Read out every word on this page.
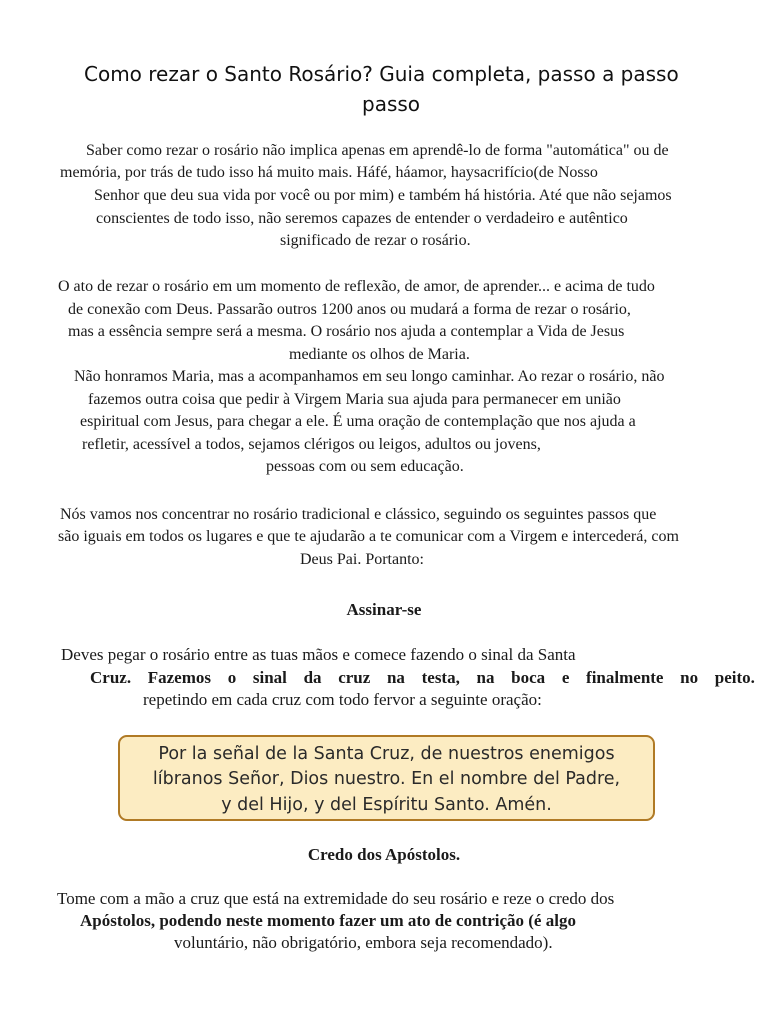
Como rezar o Santo Rosário? Guia completa, passo a passo
passo
Saber como rezar o rosário não implica apenas em aprendê-lo de forma "automática" ou de
memória, por trás de tudo isso há muito mais. Háfé, háamor, haysacrifício(de Nosso
Senhor que deu sua vida por você ou por mim) e também há história. Até que não sejamos
conscientes de todo isso, não seremos capazes de entender o verdadeiro e autêntico
significado de rezar o rosário.
O ato de rezar o rosário em um momento de reflexão, de amor, de aprender... e acima de tudo
de conexão com Deus. Passarão outros 1200 anos ou mudará a forma de rezar o rosário,
mas a essência sempre será a mesma. O rosário nos ajuda a contemplar a Vida de Jesus
mediante os olhos de Maria.
Não honramos Maria, mas a acompanhamos em seu longo caminhar. Ao rezar o rosário, não
fazemos outra coisa que pedir à Virgem Maria sua ajuda para permanecer em união
espiritual com Jesus, para chegar a ele. É uma oração de contemplação que nos ajuda a
refletir, acessível a todos, sejamos clérigos ou leigos, adultos ou jovens,
pessoas com ou sem educação.
Nós vamos nos concentrar no rosário tradicional e clássico, seguindo os seguintes passos que
são iguais em todos os lugares e que te ajudarão a te comunicar com a Virgem e intercederá, com
Deus Pai. Portanto:
Assinar-se
Deves pegar o rosário entre as tuas mãos e comece fazendo o sinal da Santa
Cruz. Fazemos o sinal da cruz na testa, na boca e finalmente no peito.
repetindo em cada cruz com todo fervor a seguinte oração:
Por la señal de la Santa Cruz, de nuestros enemigos
líbranos Señor, Dios nuestro. En el nombre del Padre,
y del Hijo, y del Espíritu Santo. Amén.
Credo dos Apóstolos.
Tome com a mão a cruz que está na extremidade do seu rosário e reze o credo dos
Apóstolos, podendo neste momento fazer um ato de contrição (é algo
voluntário, não obrigatório, embora seja recomendado).
